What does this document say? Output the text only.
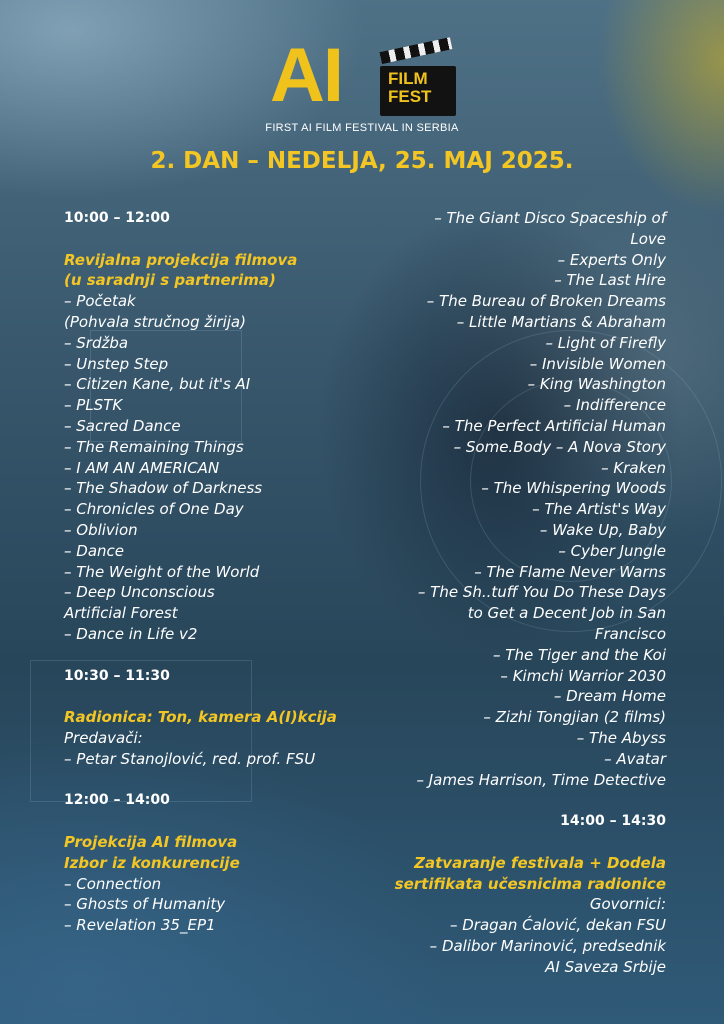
AI	FILM
FEST
FIRST AI FILM FESTIVAL IN SERBIA
2. DAN – NEDELJA, 25. MAJ 2025.
10:00 – 12:00
Revijalna projekcija filmova
(u saradnji s partnerima)
– Početak
(Pohvala stručnog žirija)
– Srdžba
– Unstep Step
– Citizen Kane, but it's AI
– PLSTK
– Sacred Dance
– The Remaining Things
– I AM AN AMERICAN
– The Shadow of Darkness
– Chronicles of One Day
– Oblivion
– Dance
– The Weight of the World
– Deep Unconscious
Artificial Forest
– Dance in Life v2
10:30 – 11:30
Radionica: Ton, kamera A(I)kcija
Predavači:
– Petar Stanojlović, red. prof. FSU
12:00 – 14:00
Projekcija AI filmova
Izbor iz konkurencije
– Connection
– Ghosts of Humanity
– Revelation 35_EP1
– The Giant Disco Spaceship of
Love
– Experts Only
– The Last Hire
– The Bureau of Broken Dreams
– Little Martians & Abraham
– Light of Firefly
– Invisible Women
– King Washington
– Indifference
– The Perfect Artificial Human
– Some.Body – A Nova Story
– Kraken
– The Whispering Woods
– The Artist's Way
– Wake Up, Baby
– Cyber Jungle
– The Flame Never Warns
– The Sh..tuff You Do These Days
to Get a Decent Job in San
Francisco
– The Tiger and the Koi
– Kimchi Warrior 2030
– Dream Home
– Zizhi Tongjian (2 films)
– The Abyss
– Avatar
– James Harrison, Time Detective
14:00 – 14:30
Zatvaranje festivala + Dodela
sertifikata učesnicima radionice
Govornici:
– Dragan Ćalović, dekan FSU
– Dalibor Marinović, predsednik
AI Saveza Srbije
